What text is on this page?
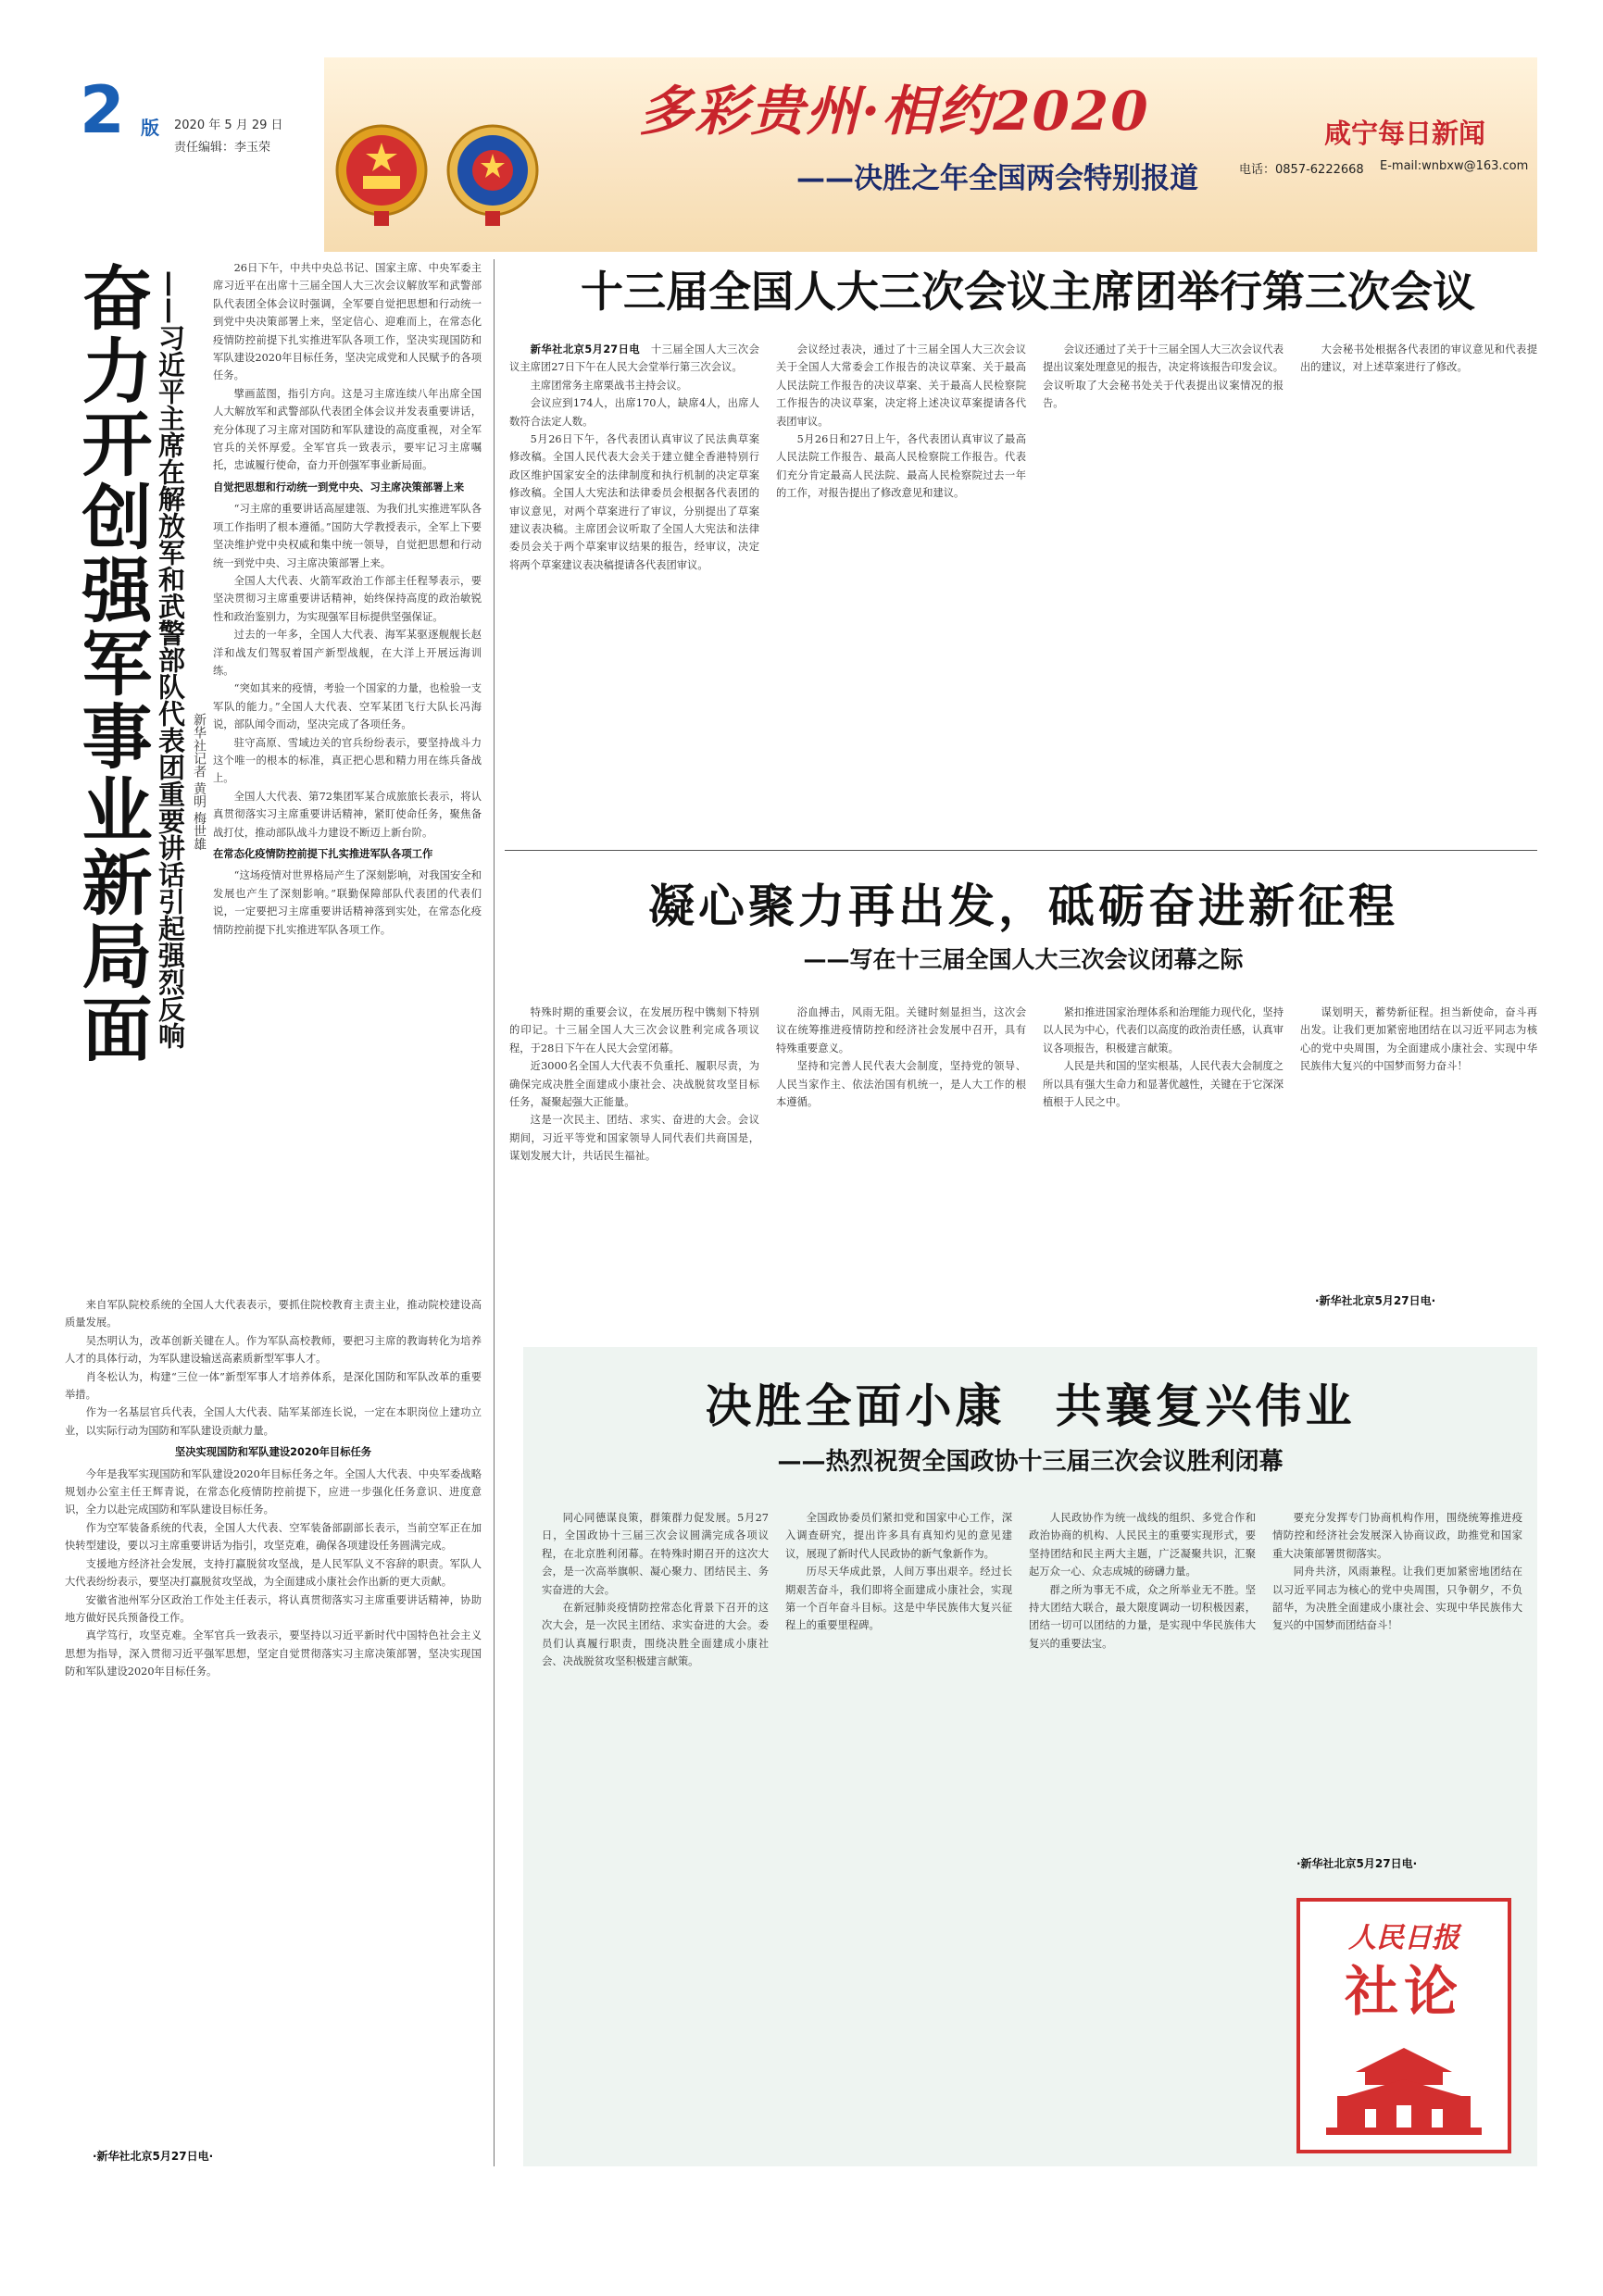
2 版 2020 年 5 月 29 日
责任编辑：李玉荣
多彩贵州·相约2020
——决胜之年全国两会特别报道
咸宁每日新闻
电话：0857-6222668 E-mail:wnbxw@163.com
奋力开创强军事业新局面 ——习近平主席在解放军和武警部队代表团重要讲话引起强烈反响 新华社记者 黄明 梅世雄

26日下午，中共中央总书记、国家主席、中央军委主席习近平在出席十三届全国人大三次会议解放军和武警部队代表团全体会议时强调，全军要自觉把思想和行动统一到党中央决策部署上来，坚定信心、迎难而上，在常态化疫情防控前提下扎实推进军队各项工作，坚决实现国防和军队建设2020年目标任务，坚决完成党和人民赋予的各项任务。

擘画蓝图，指引方向。这是习主席连续八年出席全国人大解放军和武警部队代表团全体会议并发表重要讲话，充分体现了习主席对国防和军队建设的高度重视，对全军官兵的关怀厚爱。全军官兵一致表示，要牢记习主席嘱托，忠诚履行使命，奋力开创强军事业新局面。

自觉把思想和行动统一到党中央、习主席决策部署上来

“习主席的重要讲话高屋建瓴、为我们扎实推进军队各项工作指明了根本遵循。”国防大学教授表示，全军上下要坚决维护党中央权威和集中统一领导，自觉把思想和行动统一到党中央、习主席决策部署上来。

全国人大代表、火箭军政治工作部主任程琴表示，要坚决贯彻习主席重要讲话精神，始终保持高度的政治敏锐性和政治鉴别力，为实现强军目标提供坚强保证。

过去的一年多，全国人大代表、海军某驱逐舰舰长赵洋和战友们驾驭着国产新型战舰，在大洋上开展远海训练。

“突如其来的疫情，考验一个国家的力量，也检验一支军队的能力。”全国人大代表、空军某团飞行大队长冯海说，部队闻令而动，坚决完成了各项任务。

驻守高原、雪域边关的官兵纷纷表示，要坚持战斗力这个唯一的根本的标准，真正把心思和精力用在练兵备战上。

全国人大代表、第72集团军某合成旅旅长表示，将认真贯彻落实习主席重要讲话精神，紧盯使命任务，聚焦备战打仗，推动部队战斗力建设不断迈上新台阶。

在常态化疫情防控前提下扎实推进军队各项工作

“这场疫情对世界格局产生了深刻影响，对我国安全和发展也产生了深刻影响。”联勤保障部队代表团的代表们说，一定要把习主席重要讲话精神落到实处，在常态化疫情防控前提下扎实推进军队各项工作。

来自军队院校系统的全国人大代表表示，要抓住院校教育主责主业，推动院校建设高质量发展。

吴杰明认为，改革创新关键在人。作为军队高校教师，要把习主席的教诲转化为培养人才的具体行动，为军队建设输送高素质新型军事人才。

肖冬松认为，构建“三位一体”新型军事人才培养体系，是深化国防和军队改革的重要举措。

作为一名基层官兵代表，全国人大代表、陆军某部连长说，一定在本职岗位上建功立业，以实际行动为国防和军队建设贡献力量。

坚决实现国防和军队建设2020年目标任务

今年是我军实现国防和军队建设2020年目标任务之年。全国人大代表、中央军委战略规划办公室主任王辉青说，在常态化疫情防控前提下，应进一步强化任务意识、进度意识，全力以赴完成国防和军队建设目标任务。

作为空军装备系统的代表，全国人大代表、空军装备部副部长表示，当前空军正在加快转型建设，要以习主席重要讲话为指引，攻坚克难，确保各项建设任务圆满完成。

支援地方经济社会发展，支持打赢脱贫攻坚战，是人民军队义不容辞的职责。军队人大代表纷纷表示，要坚决打赢脱贫攻坚战，为全面建成小康社会作出新的更大贡献。

安徽省池州军分区政治工作处主任表示，将认真贯彻落实习主席重要讲话精神，协助地方做好民兵预备役工作。

真学笃行，攻坚克难。全军官兵一致表示，要坚持以习近平新时代中国特色社会主义思想为指导，深入贯彻习近平强军思想，坚定自觉贯彻落实习主席决策部署，坚决实现国防和军队建设2020年目标任务。

·新华社北京5月27日电·
十三届全国人大三次会议主席团举行第三次会议

新华社北京5月27日电　 十三届全国人大三次会议主席团27日下午在人民大会堂举行第三次会议。

主席团常务主席栗战书主持会议。

会议应到174人，出席170人，缺席4人，出席人数符合法定人数。

5月26日下午，各代表团认真审议了民法典草案修改稿。全国人民代表大会关于建立健全香港特别行政区维护国家安全的法律制度和执行机制的决定草案修改稿。全国人大宪法和法律委员会根据各代表团的审议意见，对两个草案进行了审议，分别提出了草案建议表决稿。主席团会议听取了全国人大宪法和法律委员会关于两个草案审议结果的报告，经审议，决定将两个草案建议表决稿提请各代表团审议。

会议经过表决，通过了十三届全国人大三次会议关于全国人大常委会工作报告的决议草案、关于最高人民法院工作报告的决议草案、关于最高人民检察院工作报告的决议草案，决定将上述决议草案提请各代表团审议。

5月26日和27日上午，各代表团认真审议了最高人民法院工作报告、最高人民检察院工作报告。代表们充分肯定最高人民法院、最高人民检察院过去一年的工作，对报告提出了修改意见和建议。

会议还通过了关于十三届全国人大三次会议代表提出议案处理意见的报告，决定将该报告印发会议。会议听取了大会秘书处关于代表提出议案情况的报告。

大会秘书处根据各代表团的审议意见和代表提出的建议，对上述草案进行了修改。

凝心聚力再出发，砥砺奋进新征程
——写在十三届全国人大三次会议闭幕之际

特殊时期的重要会议，在发展历程中镌刻下特别的印记。十三届全国人大三次会议胜利完成各项议程，于28日下午在人民大会堂闭幕。

近3000名全国人大代表不负重托、履职尽责，为确保完成决胜全面建成小康社会、决战脱贫攻坚目标任务，凝聚起强大正能量。

这是一次民主、团结、求实、奋进的大会。会议期间，习近平等党和国家领导人同代表们共商国是，谋划发展大计，共话民生福祉。

浴血搏击，风雨无阻。关键时刻显担当，这次会议在统筹推进疫情防控和经济社会发展中召开，具有特殊重要意义。

坚持和完善人民代表大会制度，坚持党的领导、人民当家作主、依法治国有机统一，是人大工作的根本遵循。

紧扣推进国家治理体系和治理能力现代化，坚持以人民为中心，代表们以高度的政治责任感，认真审议各项报告，积极建言献策。

人民是共和国的坚实根基，人民代表大会制度之所以具有强大生命力和显著优越性，关键在于它深深植根于人民之中。

谋划明天，蓄势新征程。担当新使命，奋斗再出发。让我们更加紧密地团结在以习近平同志为核心的党中央周围，为全面建成小康社会、实现中华民族伟大复兴的中国梦而努力奋斗！

·新华社北京5月27日电·
决胜全面小康　共襄复兴伟业
——热烈祝贺全国政协十三届三次会议胜利闭幕

同心同德谋良策，群策群力促发展。5月27日，全国政协十三届三次会议圆满完成各项议程，在北京胜利闭幕。在特殊时期召开的这次大会，是一次高举旗帜、凝心聚力、团结民主、务实奋进的大会。

在新冠肺炎疫情防控常态化背景下召开的这次大会，是一次民主团结、求实奋进的大会。委员们认真履行职责，围绕决胜全面建成小康社会、决战脱贫攻坚积极建言献策。

全国政协委员们紧扣党和国家中心工作，深入调查研究，提出许多具有真知灼见的意见建议，展现了新时代人民政协的新气象新作为。

历尽天华成此景，人间万事出艰辛。经过长期艰苦奋斗，我们即将全面建成小康社会，实现第一个百年奋斗目标。这是中华民族伟大复兴征程上的重要里程碑。

人民政协作为统一战线的组织、多党合作和政治协商的机构、人民民主的重要实现形式，要坚持团结和民主两大主题，广泛凝聚共识，汇聚起万众一心、众志成城的磅礴力量。

群之所为事无不成，众之所举业无不胜。坚持大团结大联合，最大限度调动一切积极因素，团结一切可以团结的力量，是实现中华民族伟大复兴的重要法宝。

要充分发挥专门协商机构作用，围绕统筹推进疫情防控和经济社会发展深入协商议政，助推党和国家重大决策部署贯彻落实。

同舟共济，风雨兼程。让我们更加紧密地团结在以习近平同志为核心的党中央周围，只争朝夕，不负韶华，为决胜全面建成小康社会、实现中华民族伟大复兴的中国梦而团结奋斗！

·新华社北京5月27日电·
人民日报
社论
